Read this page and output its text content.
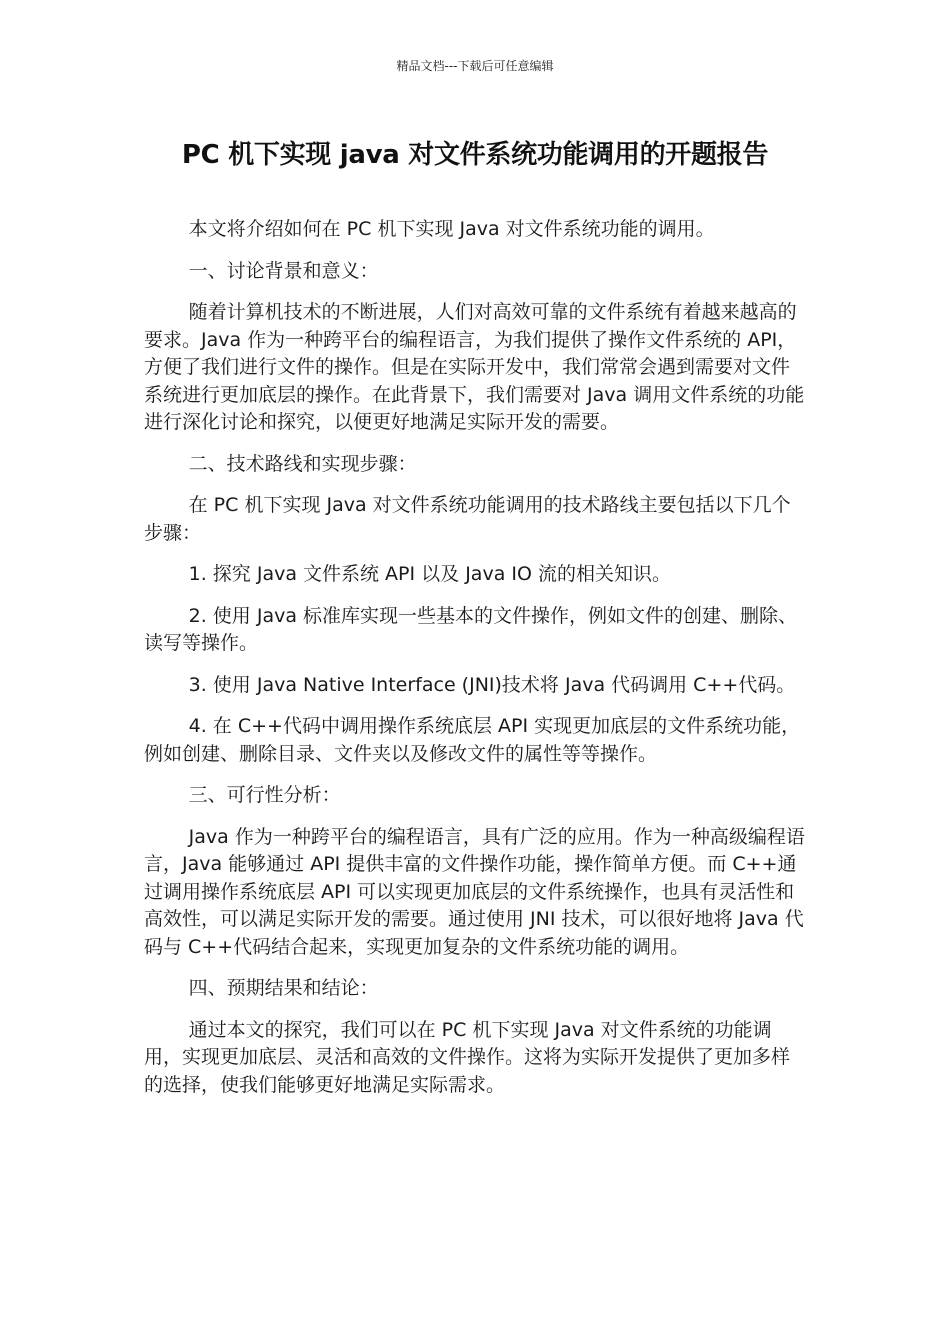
精品文档---下载后可任意编辑
PC 机下实现 java 对文件系统功能调用的开题报告

本文将介绍如何在 PC 机下实现 Java 对文件系统功能的调用。

一、讨论背景和意义：

随着计算机技术的不断进展，人们对高效可靠的文件系统有着越来越高的要求。Java 作为一种跨平台的编程语言，为我们提供了操作文件系统的 API，方便了我们进行文件的操作。但是在实际开发中，我们常常会遇到需要对文件系统进行更加底层的操作。在此背景下，我们需要对 Java 调用文件系统的功能进行深化讨论和探究，以便更好地满足实际开发的需要。

二、技术路线和实现步骤：

在 PC 机下实现 Java 对文件系统功能调用的技术路线主要包括以下几个步骤：

1. 探究 Java 文件系统 API 以及 Java IO 流的相关知识。

2. 使用 Java 标准库实现一些基本的文件操作，例如文件的创建、删除、读写等操作。

3. 使用 Java Native Interface (JNI)技术将 Java 代码调用 C++代码。

4. 在 C++代码中调用操作系统底层 API 实现更加底层的文件系统功能，例如创建、删除目录、文件夹以及修改文件的属性等等操作。

三、可行性分析：

Java 作为一种跨平台的编程语言，具有广泛的应用。作为一种高级编程语言，Java 能够通过 API 提供丰富的文件操作功能，操作简单方便。而 C++通过调用操作系统底层 API 可以实现更加底层的文件系统操作，也具有灵活性和高效性，可以满足实际开发的需要。通过使用 JNI 技术，可以很好地将 Java 代码与 C++代码结合起来，实现更加复杂的文件系统功能的调用。

四、预期结果和结论：

通过本文的探究，我们可以在 PC 机下实现 Java 对文件系统的功能调用，实现更加底层、灵活和高效的文件操作。这将为实际开发提供了更加多样的选择，使我们能够更好地满足实际需求。
